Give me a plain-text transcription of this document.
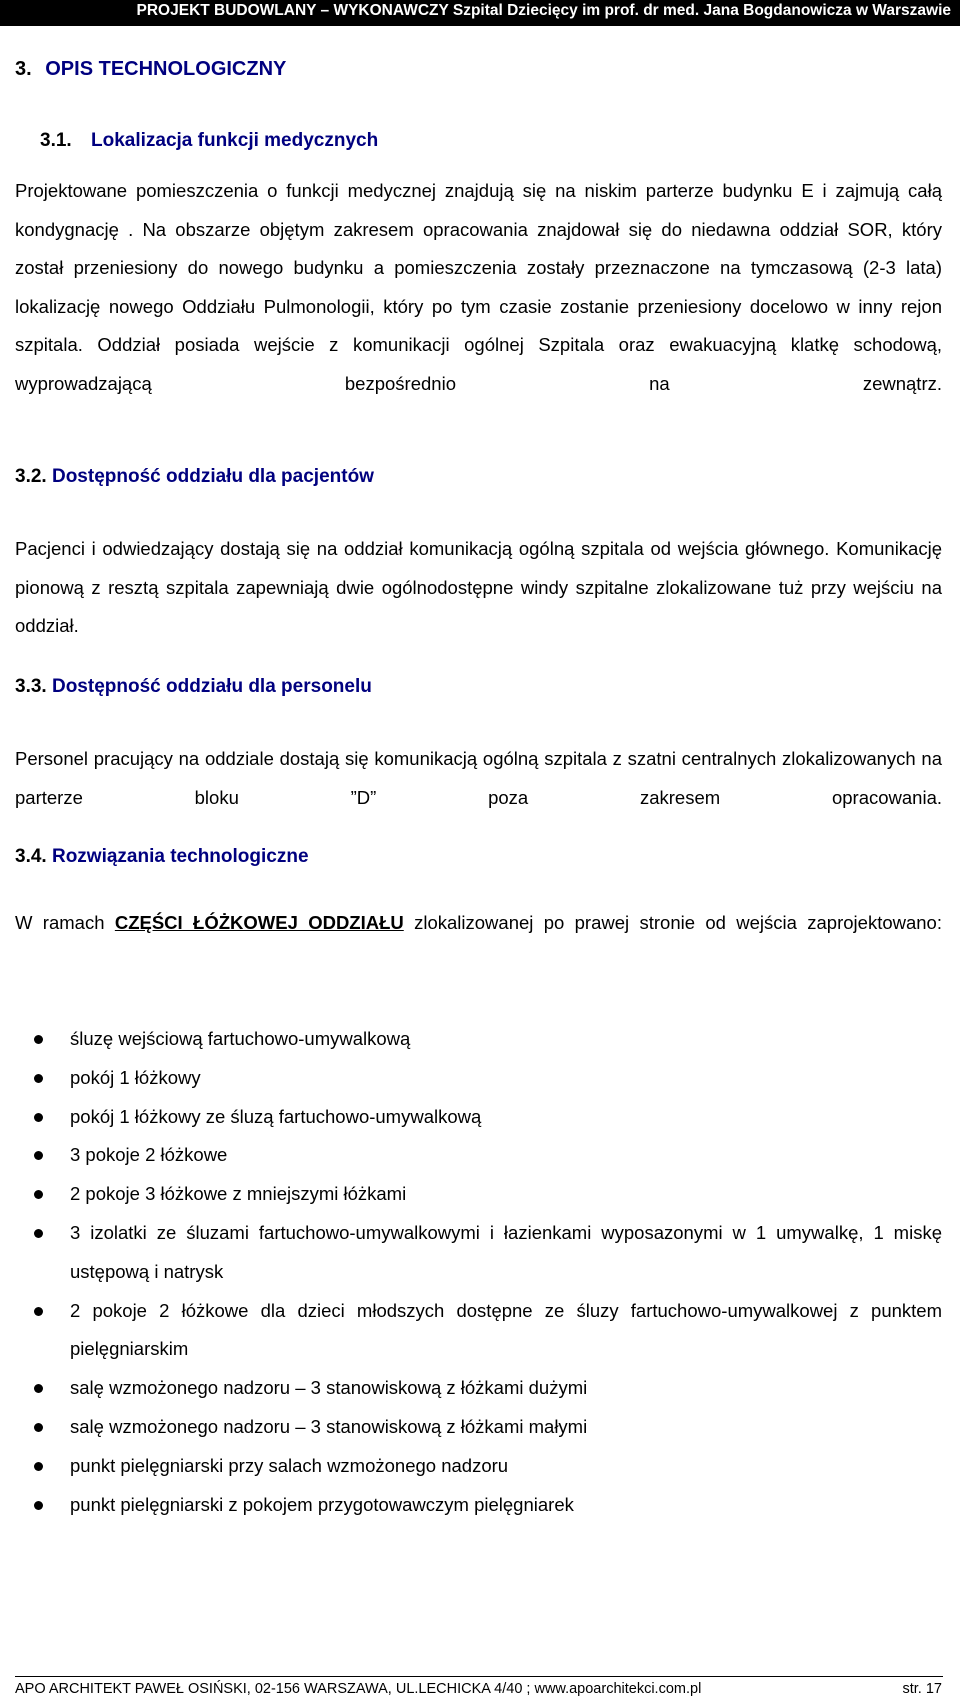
PROJEKT BUDOWLANY – WYKONAWCZY Szpital Dziecięcy im prof. dr med. Jana Bogdanowicza w Warszawie
3. OPIS TECHNOLOGICZNY
3.1. Lokalizacja funkcji medycznych
Projektowane pomieszczenia o funkcji medycznej znajdują się na niskim parterze budynku E i zajmują całą kondygnację . Na obszarze objętym zakresem opracowania znajdował się do niedawna oddział SOR, który został przeniesiony do nowego budynku a pomieszczenia zostały przeznaczone na tymczasową (2-3 lata) lokalizację nowego Oddziału Pulmonologii, który po tym czasie zostanie przeniesiony docelowo w inny rejon szpitala. Oddział posiada wejście z komunikacji ogólnej Szpitala oraz ewakuacyjną klatkę schodową, wyprowadzającą bezpośrednio na zewnątrz.
3.2. Dostępność oddziału dla pacjentów
Pacjenci i odwiedzający dostają się na oddział komunikacją ogólną szpitala od wejścia głównego. Komunikację pionową z resztą szpitala zapewniają dwie ogólnodostępne windy szpitalne zlokalizowane tuż przy wejściu na oddział.
3.3. Dostępność oddziału dla personelu
Personel pracujący na oddziale dostają się komunikacją ogólną szpitala z szatni centralnych zlokalizowanych na parterze bloku ”D” poza zakresem opracowania.
3.4. Rozwiązania technologiczne
W ramach CZĘŚCI ŁÓŻKOWEJ ODDZIAŁU zlokalizowanej po prawej stronie od wejścia zaprojektowano:
śluzę wejściową fartuchowo-umywalkową
pokój 1 łóżkowy
pokój 1 łóżkowy ze śluzą fartuchowo-umywalkową
3 pokoje 2 łóżkowe
2 pokoje 3 łóżkowe z mniejszymi łóżkami
3 izolatki ze śluzami fartuchowo-umywalkowymi i łazienkami wyposazonymi w 1 umywalkę, 1 miskę ustępową i natrysk
2 pokoje 2 łóżkowe dla dzieci młodszych dostępne ze śluzy fartuchowo-umywalkowej z punktem pielęgniarskim
salę wzmożonego nadzoru – 3 stanowiskową z łóżkami dużymi
salę wzmożonego nadzoru – 3 stanowiskową z łóżkami małymi
punkt pielęgniarski przy salach wzmożonego nadzoru
punkt pielęgniarski z pokojem przygotowawczym pielęgniarek
APO ARCHITEKT PAWEŁ OSIŃSKI, 02-156 WARSZAWA, UL.LECHICKA 4/40 ; www.apoarchitekci.com.pl	str. 17
